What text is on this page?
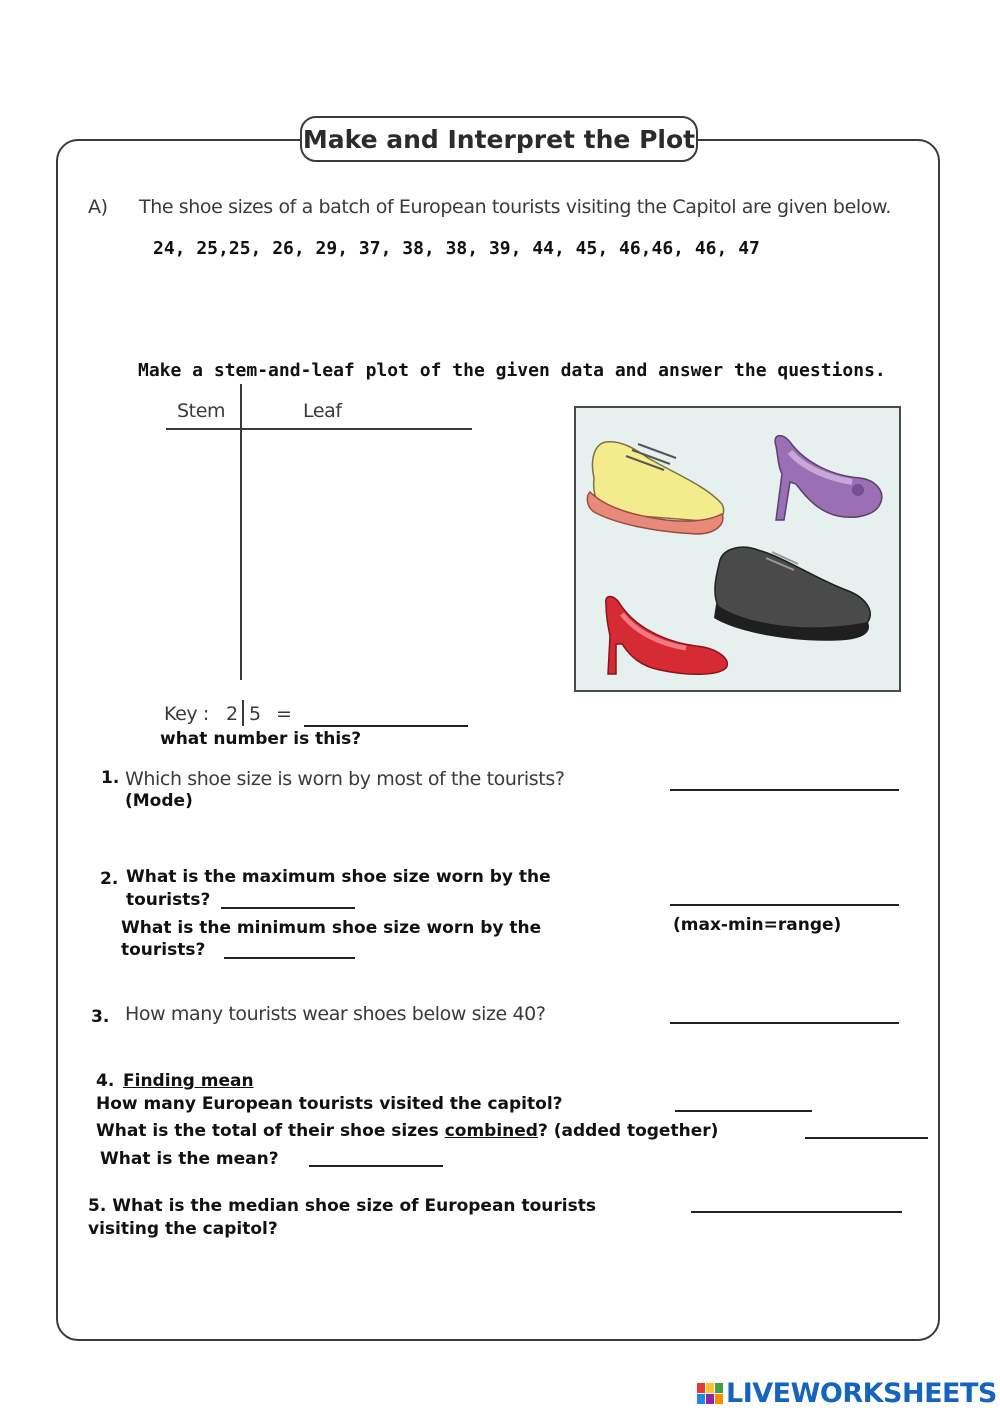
Make and Interpret the Plot
A) The shoe sizes of a batch of European tourists visiting the Capitol are given below.
24, 25,25, 26, 29, 37, 38, 38, 39, 44, 45, 46,46, 46, 47
Make a stem-and-leaf plot of the given data and answer the questions.
Stem	Leaf
Key : 2 5 =
what number is this?
1. Which shoe size is worn by most of the tourists?
(Mode)
2. What is the maximum shoe size worn by the
tourists?
What is the minimum shoe size worn by the
tourists?
(max-min=range)
3. How many tourists wear shoes below size 40?
4. Finding mean
How many European tourists visited the capitol?
What is the total of their shoe sizes combined? (added together)
What is the mean?
5. What is the median shoe size of European tourists
visiting the capitol?
LIVEWORKSHEETS
